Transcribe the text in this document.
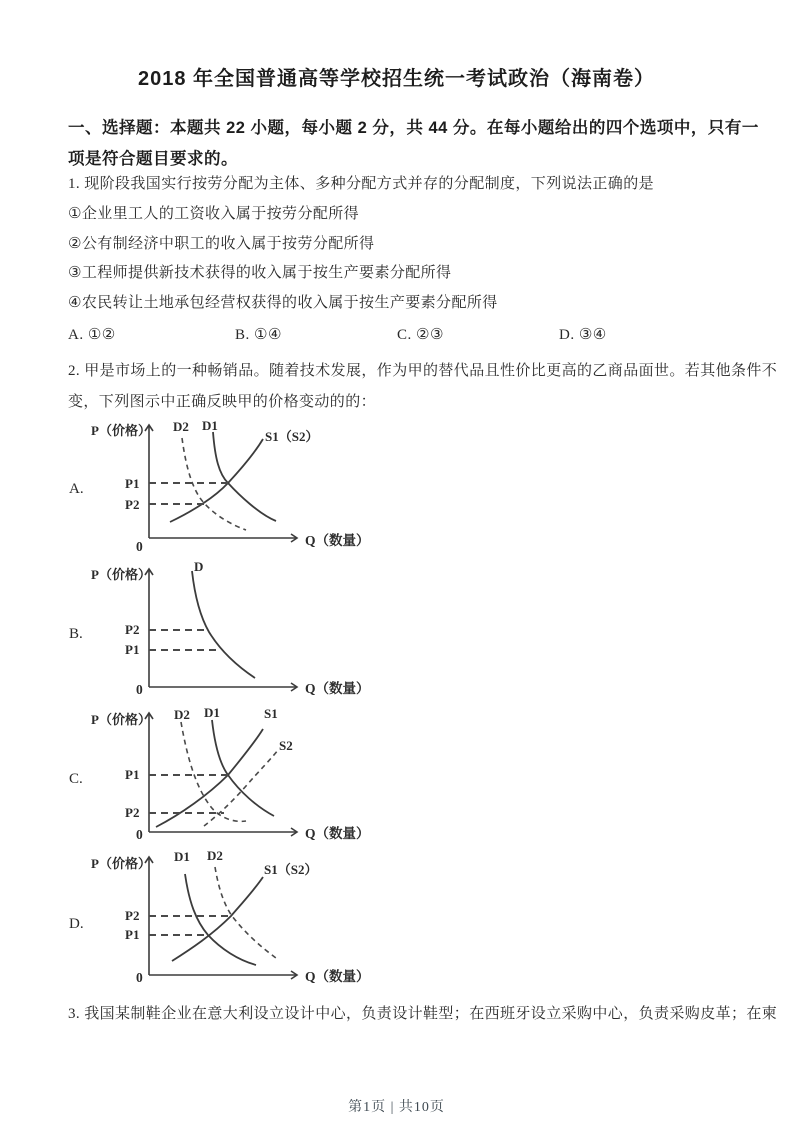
2018 年全国普通高等学校招生统一考试政治（海南卷）
一、选择题：本题共 22 小题，每小题 2 分，共 44 分。在每小题给出的四个选项中，只有一
项是符合题目要求的。
1. 现阶段我国实行按劳分配为主体、多种分配方式并存的分配制度，下列说法正确的是
①企业里工人的工资收入属于按劳分配所得
②公有制经济中职工的收入属于按劳分配所得
③工程师提供新技术获得的收入属于按生产要素分配所得
④农民转让土地承包经营权获得的收入属于按生产要素分配所得
A. ①②	B. ①④	C. ②③	D. ③④
2. 甲是市场上的一种畅销品。随着技术发展，作为甲的替代品且性价比更高的乙商品面世。若其他条件不
变，下列图示中正确反映甲的价格变动的的：
A.
P（价格） D2 D1
S1（S2）
P1
P2
0	Q（数量）
B.
P（价格）
D
P2
P1
0	Q（数量）
C.
P（价格） D2 D1	S1
S2
P1
P2
0	Q（数量）
D.
P（价格） D1 D2
S1（S2）
P2
P1
0	Q（数量）
3. 我国某制鞋企业在意大利设立设计中心，负责设计鞋型；在西班牙设立采购中心，负责采购皮革；在柬
第1页 | 共10页
